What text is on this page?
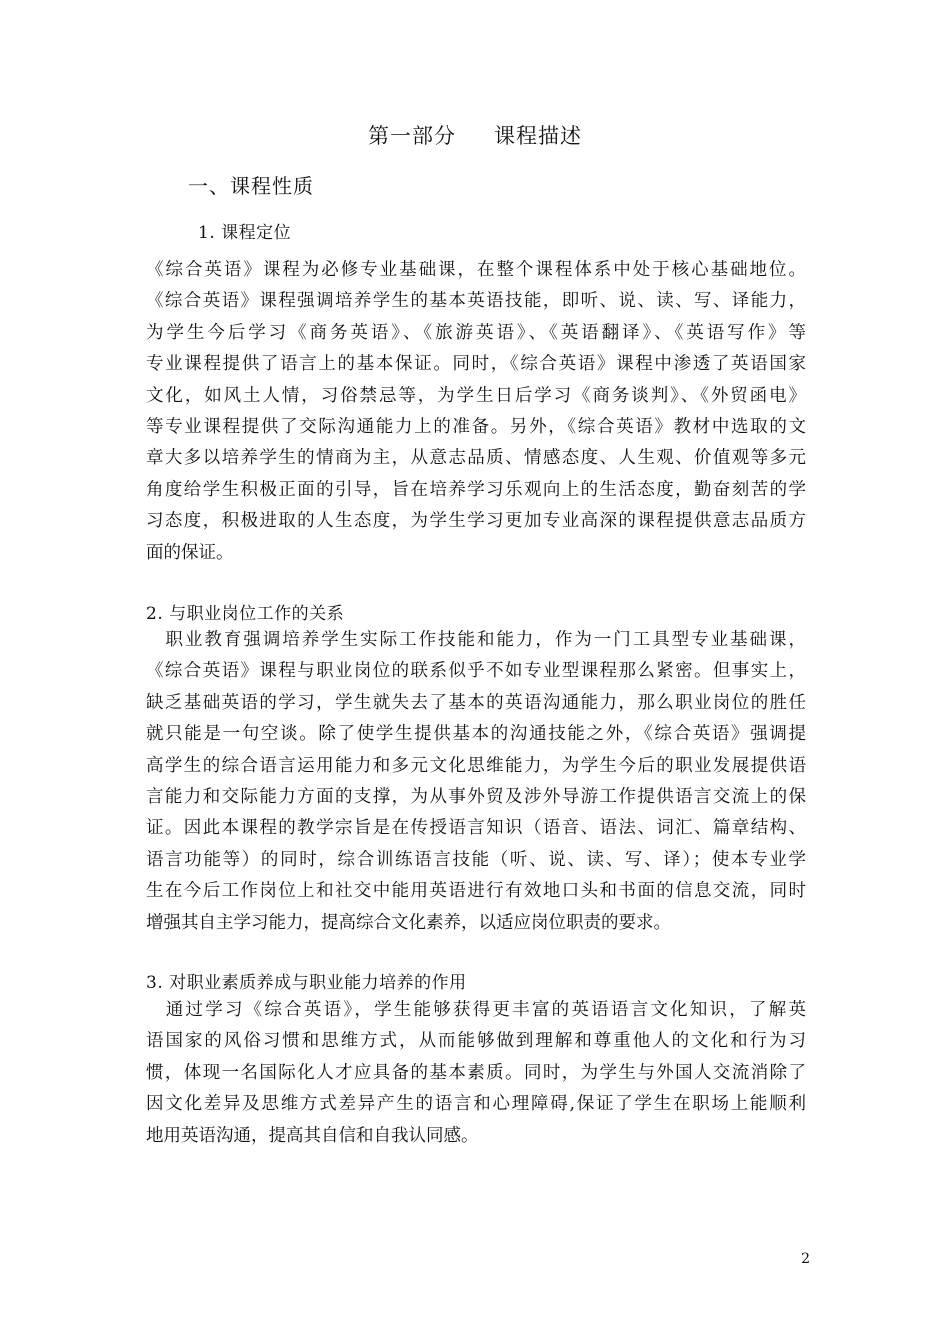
第一部分 课程描述
一、课程性质
1. 课程定位
《综合英语》课程为必修专业基础课，在整个课程体系中处于核心基础地位。
《综合英语》课程强调培养学生的基本英语技能，即听、说、读、写、译能力，
为学生今后学习《商务英语》、《旅游英语》、《英语翻译》、《英语写作》等
专业课程提供了语言上的基本保证。同时，《综合英语》课程中渗透了英语国家
文化，如风土人情，习俗禁忌等，为学生日后学习《商务谈判》、《外贸函电》
等专业课程提供了交际沟通能力上的准备。另外，《综合英语》教材中选取的文
章大多以培养学生的情商为主，从意志品质、情感态度、人生观、价值观等多元
角度给学生积极正面的引导，旨在培养学习乐观向上的生活态度，勤奋刻苦的学
习态度，积极进取的人生态度，为学生学习更加专业高深的课程提供意志品质方
面的保证。
2. 与职业岗位工作的关系
　职业教育强调培养学生实际工作技能和能力，作为一门工具型专业基础课，
《综合英语》课程与职业岗位的联系似乎不如专业型课程那么紧密。但事实上，
缺乏基础英语的学习，学生就失去了基本的英语沟通能力，那么职业岗位的胜任
就只能是一句空谈。除了使学生提供基本的沟通技能之外，《综合英语》强调提
高学生的综合语言运用能力和多元文化思维能力，为学生今后的职业发展提供语
言能力和交际能力方面的支撑，为从事外贸及涉外导游工作提供语言交流上的保
证。因此本课程的教学宗旨是在传授语言知识（语音、语法、词汇、篇章结构、
语言功能等）的同时，综合训练语言技能（听、说、读、写、译）；使本专业学
生在今后工作岗位上和社交中能用英语进行有效地口头和书面的信息交流，同时
增强其自主学习能力，提高综合文化素养，以适应岗位职责的要求。
3. 对职业素质养成与职业能力培养的作用
　通过学习《综合英语》，学生能够获得更丰富的英语语言文化知识，了解英
语国家的风俗习惯和思维方式，从而能够做到理解和尊重他人的文化和行为习
惯，体现一名国际化人才应具备的基本素质。同时，为学生与外国人交流消除了
因文化差异及思维方式差异产生的语言和心理障碍,保证了学生在职场上能顺利
地用英语沟通，提高其自信和自我认同感。
2
